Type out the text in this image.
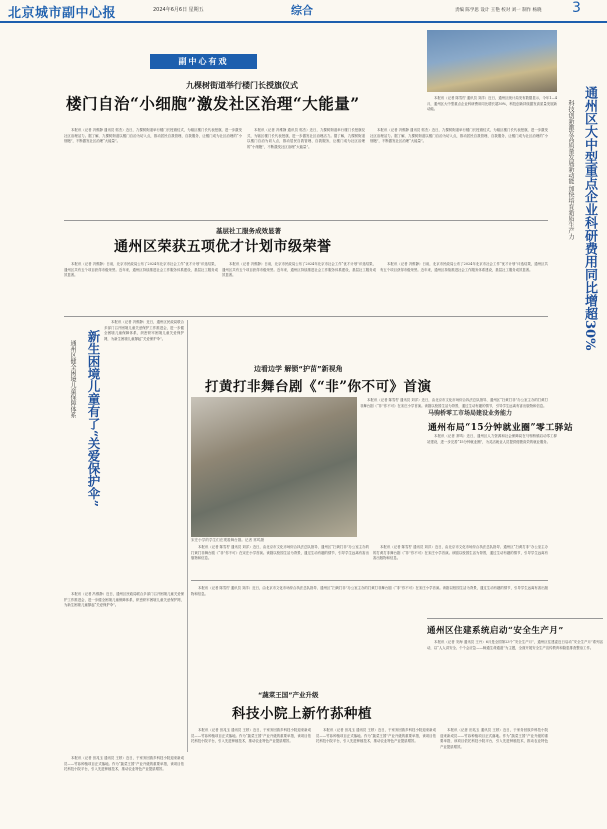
北京城市副中心报	2024年6月6日 星期五	综合	责编 陈学思 设计 王艳 校对 刘一 制作 杨晓 3
副中心有戏
九棵树街道举行楼门长授旗仪式
楼门自治“小细胞”激发社区治理“大能量”

本报讯（记者 冯维静 通讯员 郭杰）近日，九棵树街道举行楼门长授旗仪式，为辖区楼门长代表授旗，进一步激发社区治理活力。据了解，九棵树街道以楼门自治为切入点，推动居民自我管理、自我服务，让楼门成为社区治理的“小细胞”，不断激发社区治理“大能量”。

本报讯（记者 冯维静 通讯员 郭杰）近日，九棵树街道举行楼门长授旗仪式，为辖区楼门长代表授旗，进一步激发社区治理活力。据了解，九棵树街道以楼门自治为切入点，推动居民自我管理、自我服务，让楼门成为社区治理的“小细胞”，不断激发社区治理“大能量”。

本报讯（记者 冯维静 通讯员 郭杰）近日，九棵树街道举行楼门长授旗仪式，为辖区楼门长代表授旗，进一步激发社区治理活力。据了解，九棵树街道以楼门自治为切入点，推动居民自我管理、自我服务，让楼门成为社区治理的“小细胞”，不断激发社区治理“大能量”。

基层社工服务成效显著
通州区荣获五项优才计划市级荣誉

本报讯（记者 冯维静）日前，北京市民政局公布了2024年北京市社会工作“优才计划”评选结果，通州区共有五个项目获得市级荣誉。近年来，通州区持续推进社会工作服务体系建设，基层社工服务成效显著。

本报讯（记者 冯维静）日前，北京市民政局公布了2024年北京市社会工作“优才计划”评选结果，通州区共有五个项目获得市级荣誉。近年来，通州区持续推进社会工作服务体系建设，基层社工服务成效显著。

本报讯（记者 冯维静）日前，北京市民政局公布了2024年北京市社会工作“优才计划”评选结果，通州区共有五个项目获得市级荣誉。近年来，通州区持续推进社会工作服务体系建设，基层社工服务成效显著。

新生困境儿童有了“关爱保护伞”
通州区健全困境儿童保障体系

本报讯（记者 冯维静）近日，通州区民政局联合多部门召开困境儿童关爱保护工作推进会，进一步健全困境儿童保障体系，织密织牢困境儿童关爱保护网，为新生困境儿童撑起“关爱保护伞”。

本报讯（记者 冯维静）近日，通州区民政局联合多部门召开困境儿童关爱保护工作推进会，进一步健全困境儿童保障体系，织密织牢困境儿童关爱保护网，为新生困境儿童撑起“关爱保护伞”。

边看边学 解锁“护苗”新视角
打黄打非舞台剧《“非”你不可》首演
宋庄小学的学生们在观看舞台剧。记者 常鸣摄

本报讯（记者 陈雪柠 通讯员 刘洋）近日，由北京市文化市场综合执法总队指导、通州区“扫黄打非”办公室主办的打黄打非舞台剧《“非”你不可》在宋庄小学首演。该剧以校园生活为背景，通过生动有趣的情节，引导学生远离有害出版物和信息。

本报讯（记者 陈雪柠 通讯员 刘洋）近日，由北京市文化市场综合执法总队指导、通州区“扫黄打非”办公室主办的打黄打非舞台剧《“非”你不可》在宋庄小学首演。该剧以校园生活为背景，通过生动有趣的情节，引导学生远离有害出版物和信息。

本报讯（记者 陈雪柠 通讯员 刘洋）近日，由北京市文化市场综合执法总队指导、通州区“扫黄打非”办公室主办的打黄打非舞台剧《“非”你不可》在宋庄小学首演。该剧以校园生活为背景，通过生动有趣的情节，引导学生远离有害出版物和信息。

“蔬菜王国”产业升级
科技小院上新竹荪种植

本报讯（记者 田兆玉 通讯员 王婷）近日，于家务回族乡科技小院迎来新成员——竹荪种植项目正式落地。作为“蔬菜王国”产业升级的重要举措，该项目依托科技小院平台，引入先进种植技术，推动农业特色产业提质增效。

本报讯（记者 田兆玉 通讯员 王婷）近日，于家务回族乡科技小院迎来新成员——竹荪种植项目正式落地。作为“蔬菜王国”产业升级的重要举措，该项目依托科技小院平台，引入先进种植技术，推动农业特色产业提质增效。

本报讯（记者 田兆玉 通讯员 王婷）近日，于家务回族乡科技小院迎来新成员——竹荪种植项目正式落地。作为“蔬菜王国”产业升级的重要举措，该项目依托科技小院平台，引入先进种植技术，推动农业特色产业提质增效。

本报讯（记者 田兆玉 通讯员 王婷）近日，于家务回族乡科技小院迎来新成员——竹荪种植项目正式落地。作为“蔬菜王国”产业升级的重要举措，该项目依托科技小院平台，引入先进种植技术，推动农业特色产业提质增效。

本报讯（记者 陈雪柠 通讯员 刘洋）近日，由北京市文化市场综合执法总队指导、通州区“扫黄打非”办公室主办的打黄打非舞台剧《“非”你不可》在宋庄小学首演。该剧以校园生活为背景，通过生动有趣的情节，引导学生远离有害出版物和信息。

通州区大中型重点企业科研费用同比增超30%
科技创新激发高质量发展新动能 加快培育新质生产力

本报讯（记者 陈雪柠 通讯员 刘洋）近日，通州区统计局发布数据显示，今年1—4月，通州区大中型重点企业科研费用同比增长超30%，科技创新持续激发高质量发展新动能。

马驹桥零工市场局建设业务能力
通州布局“15分钟就业圈”零工驿站

本报讯（记者 常鸣）近日，通州区人力资源和社会保障局在马驹桥镇启动零工驿站建设，进一步完善“15分钟就业圈”，为灵活就业人员提供便捷高效的就业服务。

通州区住建系统启动“安全生产月”

本报讯（记者 安海 通讯员 王丹）6月是全国第23个“安全生产月”，通州区住建委近日启动“安全生产月”系列活动，以“人人讲安全、个个会应急——畅通生命通道”为主题，全面开展安全生产宣传教育和隐患排查整治工作。
